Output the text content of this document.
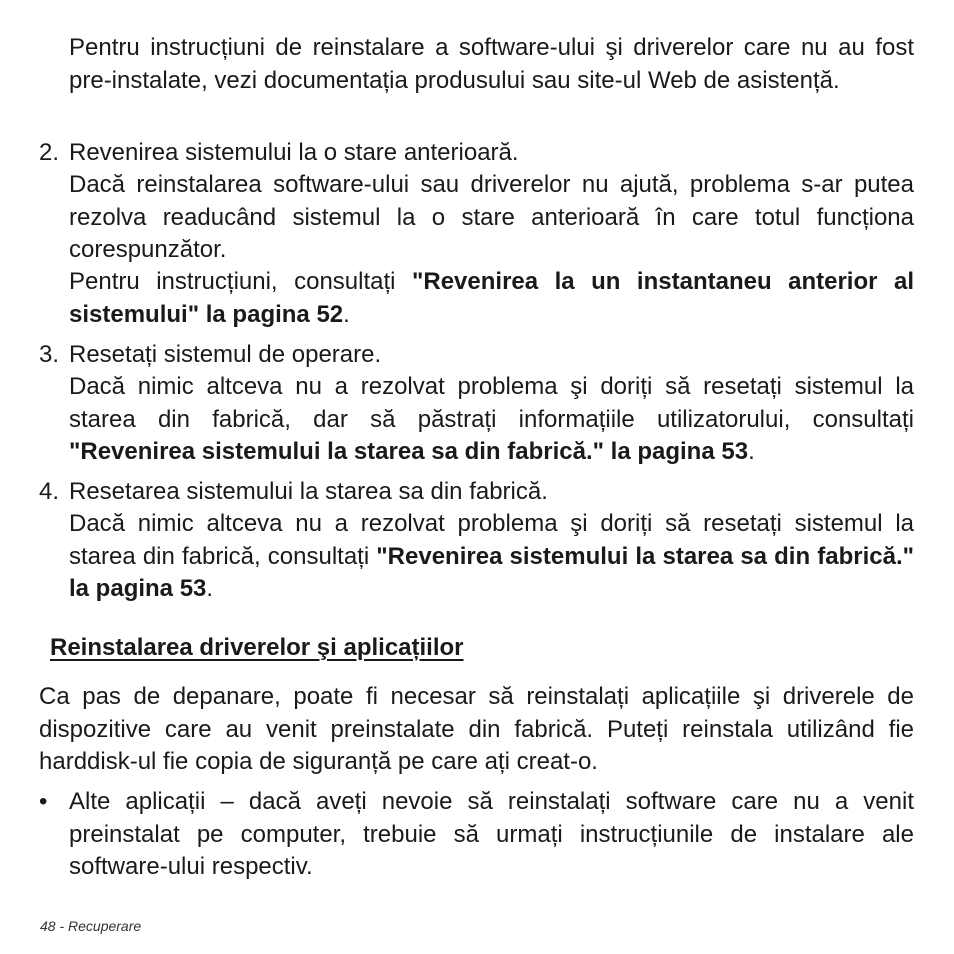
Pentru instrucțiuni de reinstalare a software-ului şi driverelor care nu au fost pre-instalate, vezi documentația produsului sau site-ul Web de asistență.

2. Revenirea sistemului la o stare anterioară.

Dacă reinstalarea software-ului sau driverelor nu ajută, problema s-ar putea rezolva readucând sistemul la o stare anterioară în care totul funcționa corespunzător.

Pentru instrucțiuni, consultați "Revenirea la un instantaneu anterior al sistemului" la pagina 52.

3. Resetați sistemul de operare.

Dacă nimic altceva nu a rezolvat problema şi doriți să resetați sistemul la starea din fabrică, dar să păstrați informațiile utilizatorului, consultați "Revenirea sistemului la starea sa din fabrică." la pagina 53.

4. Resetarea sistemului la starea sa din fabrică.

Dacă nimic altceva nu a rezolvat problema şi doriți să resetați sistemul la starea din fabrică, consultați "Revenirea sistemului la starea sa din fabrică." la pagina 53.

Reinstalarea driverelor şi aplicațiilor

Ca pas de depanare, poate fi necesar să reinstalați aplicațiile şi driverele de dispozitive care au venit preinstalate din fabrică. Puteți reinstala utilizând fie harddisk-ul fie copia de siguranță pe care ați creat-o.

• Alte aplicații – dacă aveți nevoie să reinstalați software care nu a venit preinstalat pe computer, trebuie să urmați instrucțiunile de instalare ale software-ului respectiv.

48 - Recuperare
